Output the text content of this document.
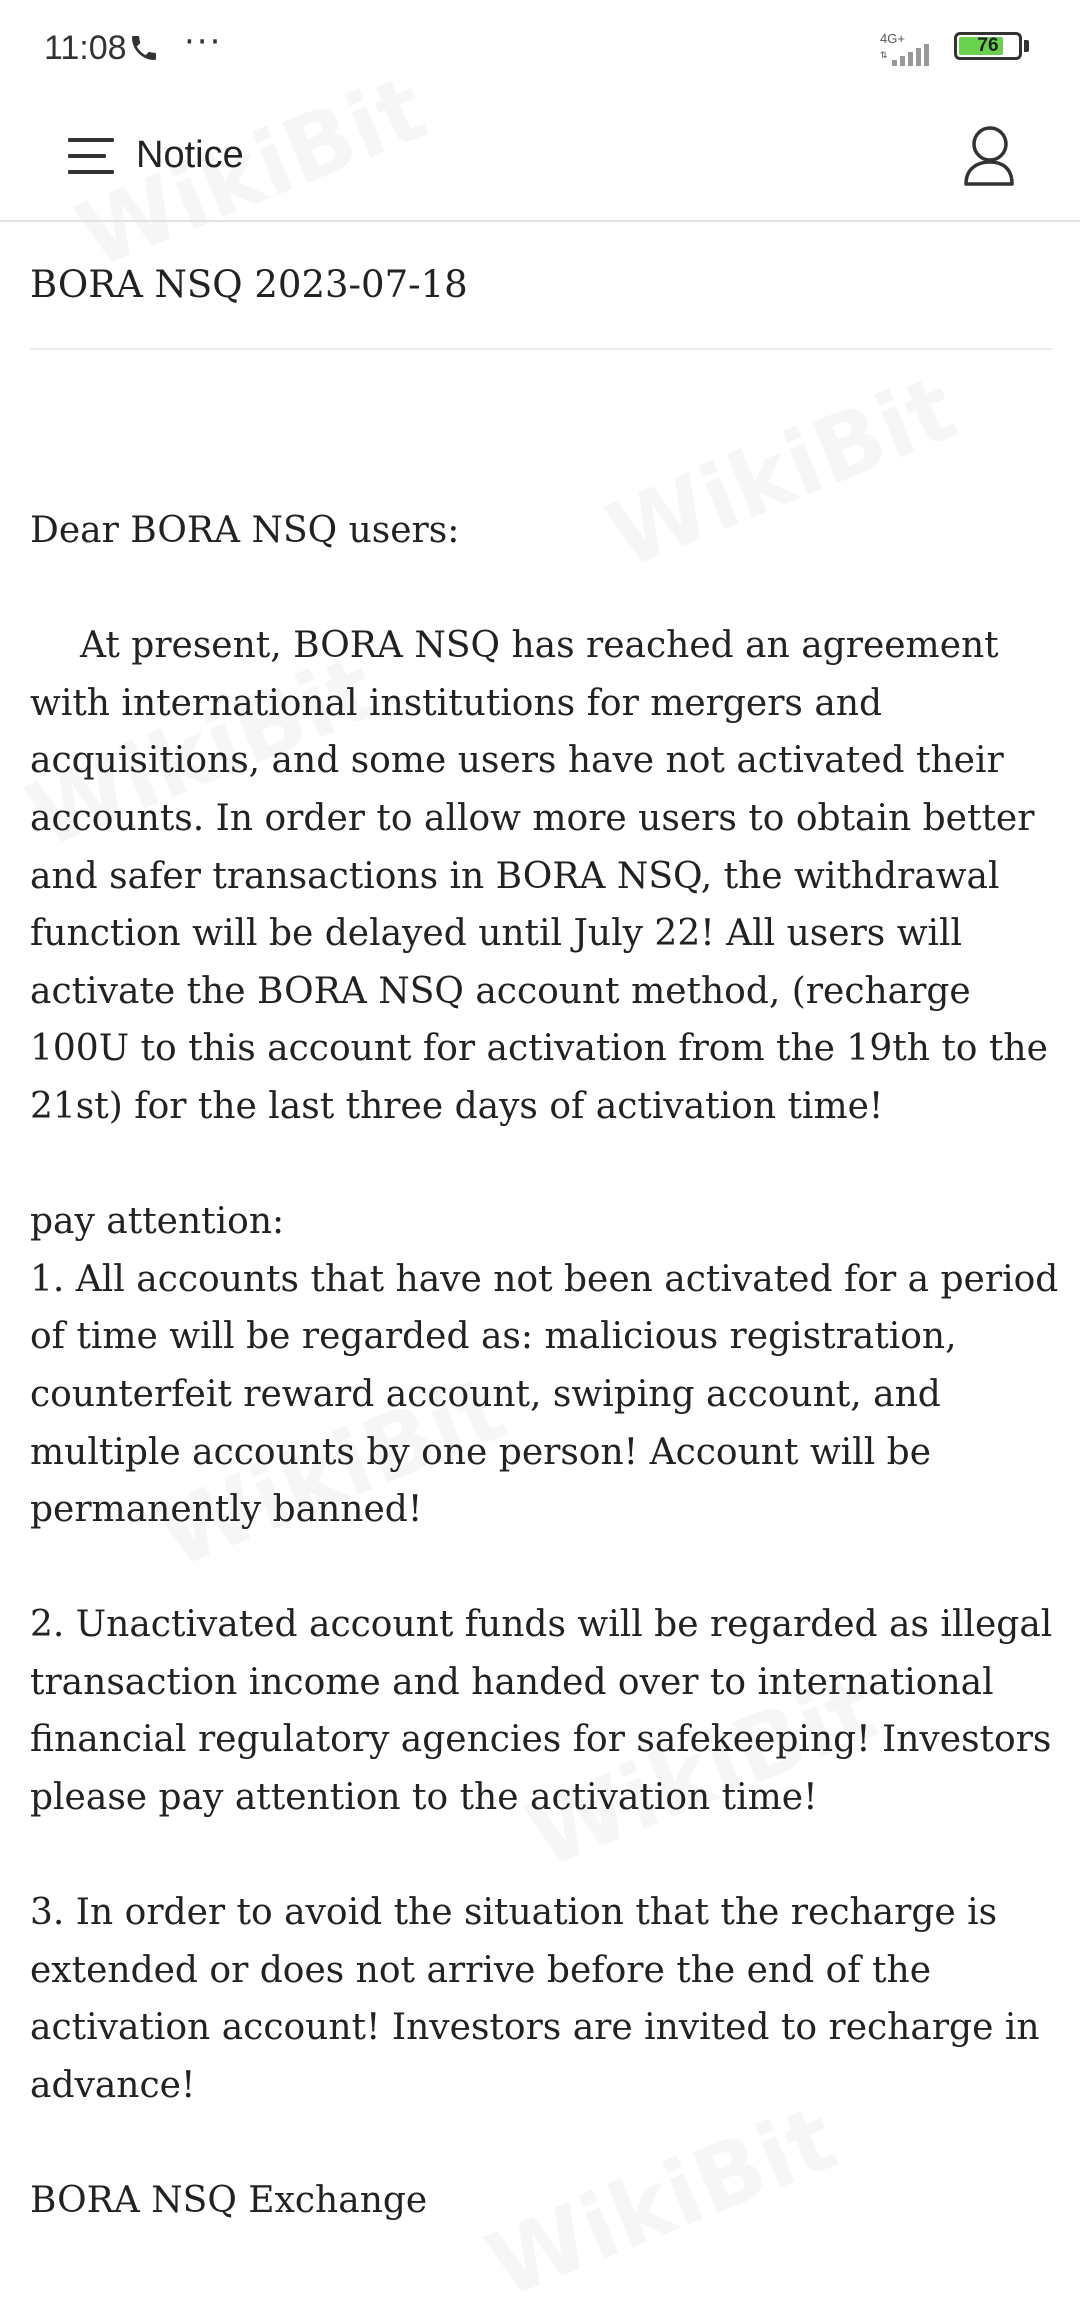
11:08 ···	4G+
⇅	76
Notice
BORA NSQ 2023-07-18

Dear BORA NSQ users:

At present, BORA NSQ has reached an agreement with international institutions for mergers and acquisitions, and some users have not activated their accounts. In order to allow more users to obtain better and safer transactions in BORA NSQ, the withdrawal function will be delayed until July 22! All users will activate the BORA NSQ account method, (recharge 100U to this account for activation from the 19th to the 21st) for the last three days of activation time!

pay attention:

1. All accounts that have not been activated for a period of time will be regarded as: malicious registration, counterfeit reward account, swiping account, and multiple accounts by one person! Account will be permanently banned!

2. Unactivated account funds will be regarded as illegal transaction income and handed over to international financial regulatory agencies for safekeeping! Investors please pay attention to the activation time!

3. In order to avoid the situation that the recharge is extended or does not arrive before the end of the activation account! Investors are invited to recharge in advance!

BORA NSQ Exchange
